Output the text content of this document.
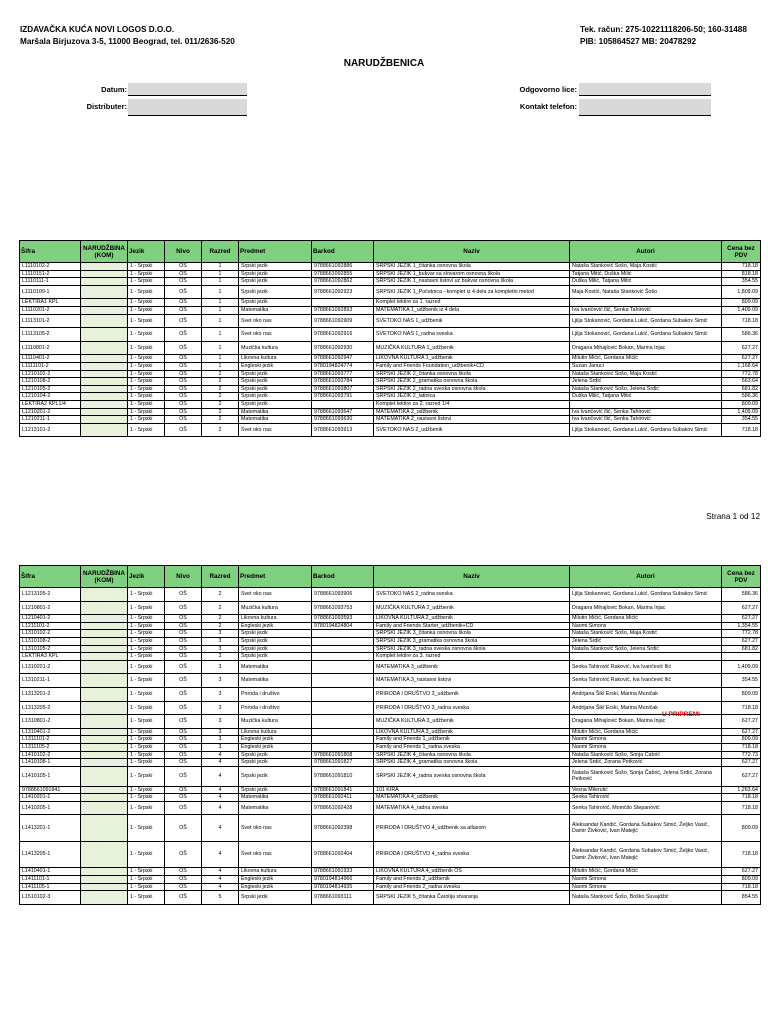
IZDAVAČKA KUĆA NOVI LOGOS D.O.O.
Maršala Birjuzova 3-5, 11000 Beograd, tel. 011/2636-520
Tek. račun: 275-10221118206-50; 160-31488
PIB: 105864527 MB: 20478292
NARUDŽBENICA
Datum:
Distributer:
Odgovorno lice:
Kontakt telefon:
Šifra	NARUDŽBINA (KOM)	Jezik	Nivo	Razred	Predmet	Barkod	Naziv	Autori	Cena bez PDV
L1110102-2		1 - Srpski	OŠ	1	Srpski jezik	9788661092886	SRPSKI JEZIK 1_čitanka osnovna škola	Nataša Stanković Šošo, Maja Kostić	718.18
L1110151-2		1 - Srpski	OŠ	1	Srpski jezik	9788661092855	SRPSKI JEZIK 1_bukvar sa slovarom osnovna škola	Tatjana Mitić, Duška Milić	818.18
L1110111-1		1 - Srpski	OŠ	1	Srpski jezik	9788661092862	SRPSKI JEZIK 1_nastavni listovi uz bukvar osnovna škola	Duška Milić, Tatjana Mitić	354.55
L1110109-1		1 - Srpski	OŠ	1	Srpski jezik	9788661092923	SRPSKI JEZIK 1_Početnica - komplet iz 4 dela za kompletni metod	Maja Kostić, Nataša Stanković Šošo	1,809.09
LEKTIRA1 KPL		1 - Srpski	OŠ	1	Srpski jezik		Komplet lektire za 1. razred		809.09
L1110201-2		1 - Srpski	OŠ	1	Matematika	9788661092893	MATEMATIKA 1_udžbenik iz 4 dela	Iva Ivančević Ilić, Senka Tahirović	1,409.09
L1113101-2		1 - Srpski	OŠ	1	Svet oko nas	9788661092909	SVETOKO NAS 1_udžbenik	Ljilja Stokanović, Gordana Lukić, Gordana Subakov Simić	718.18
L1113105-2		1 - Srpski	OŠ	1	Svet oko nas	9788661092916	SVETOKO NAS 1_radna sveska	Ljilja Stokanović, Gordana Lukić, Gordana Subakov Simić	586.36
L1110801-2		1 - Srpski	OŠ	1	Muzička kultura	9788661092930	MUZIČKA KULTURA 1_udžbenik	Dragana Mihajlović Bokan, Marina Injac	627.27
L1110401-2		1 - Srpski	OŠ	1	Likovna kultura	9788661092947	LIKOVNA KULTURA 1_udžbenik	Milutin Mićić, Gordana Mićić	627.27
L1111101-2		1 - Srpski	OŠ	1	Engleski jezik	9780194824774	Family and Friends Foundation_udžbenik+CD	Suzan Januci	1,168.64
L1210102-2		1 - Srpski	OŠ	2	Srpski jezik	9788661093777	SRPSKI JEZIK 2_čitanka osnovna škola	Nataša Stanković Šošo, Maja Kostić	772.78
L1210108-2		1 - Srpski	OŠ	2	Srpski jezik	9788661093784	SRPSKI JEZIK 2_gramatika osnovna škola	Jelena Srdić	563.64
L1210105-2		1 - Srpski	OŠ	2	Srpski jezik	9788661093807	SRPSKI JEZIK 2_radna sveska osnovna škola	Nataša Stanković Šošo, Jelena Srdić	681.82
L1210104-2		1 - Srpski	OŠ	2	Srpski jezik	9788661093791	SRPSKI JEZIK 2_latinica	Duška Milić, Tatjana Mitić	586.36
LEKTIRA2 KPL1/4		1 - Srpski	OŠ	2	Srpski jezik		Komplet lektire za 2. razred 1/4		809.09
L1210201-2		1 - Srpski	OŠ	2	Matematika	9788661093647	MATEMATIKA 2_udžbenik	Iva Ivančević Ilić, Senka Tahirović	1,409.09
L1210211-1		1 - Srpski	OŠ	2	Matematika	9788661093630	MATEMATIKA 2_nastavni listovi	Iva Ivančević Ilić, Senka Tahirović	354.55
L1213101-2		1 - Srpski	OŠ	2	Svet oko nas	9788661093913	SVETOKO NAS 2_udžbenik	Ljilja Stokanović, Gordana Lukić, Gordana Subakov Simić	718.18
Strana 1 od 12
Šifra	NARUDŽBINA (KOM)	Jezik	Nivo	Razred	Predmet	Barkod	Naziv	Autori	Cena bez PDV
L1213105-2		1 - Srpski	OŠ	2	Svet oko nas	9788661093906	SVETOKO NAS 2_radna sveska	Ljilja Stokanović, Gordana Lukić, Gordana Subakov Simić	586.36
L1210801-2		1 - Srpski	OŠ	2	Muzička kultura	9788661093753	MUZIČKA KULTURA 2_udžbenik	Dragana Mihajlović Bokan, Marina Injac	627.27
L1210401-2		1 - Srpski	OŠ	2	Likovna kultura	9788661093593	LIKOVNA KULTURA 2_udžbenik	Milutin Mićić, Gordana Mićić	627.27
L1211101-2		1 - Srpski	OŠ	2	Engleski jezik	9780194824804	Family and Friends Starter_udžbenik+CD	Naomi Simons	1,354.55
L1310102-2		1 - Srpski	OŠ	3	Srpski jezik		SRPSKI JEZIK 3_čitanka osnovna škola	Nataša Stanković Šošo, Maja Kostić	772.78
L1310108-2		1 - Srpski	OŠ	3	Srpski jezik		SRPSKI JEZIK 3_gramatika osnovna škola	Jelena Srdić	627.27
L1310105-2		1 - Srpski	OŠ	3	Srpski jezik		SRPSKI JEZIK 3_radna sveska osnovna škola	Nataša Stanković Šošo, Jelena Srdić	681.82
LEKTIRA3 KPL		1 - Srpski	OŠ	3	Srpski jezik		Komplet lektire za 3. razred		
L1310201-2		1 - Srpski	OŠ	3	Matematika		MATEMATIKA 3_udžbenik	Senka Tahirović Raković, Iva Ivančević Ilić	1,409.09
L1310211-1		1 - Srpski	OŠ	3	Matematika		MATEMATIKA 3_nastavni listovi	Senka Tahirović Raković, Iva Ivančević Ilić	354.55
L1313201-2		1 - Srpski	OŠ	3	Priroda i društvo		PRIRODA I DRUŠTVO 3_udžbenik	Andrijana Šikl Erski, Marina Muničak	809.09
L1313205-2		1 - Srpski	OŠ	3	Priroda i društvo		PRIRODA I DRUŠTVO 3_radna sveska	Andrijana Šikl Erski, Marina Muničak	718.18
L1310801-2		1 - Srpski	OŠ	3	Muzička kultura		MUZIČKA KULTURA 3_udžbenik	Dragana Mihajlović Bokan, Marina Injac	627.27
L1310401-2		1 - Srpski	OŠ	3	Likovna kultura		LIKOVNA KULTURA 3_udžbenik	Milutin Mićić, Gordana Mićić	627.27
L1311101-2		1 - Srpski	OŠ	3	Engleski jezik		Family and Friends 1_udžbenik	Naomi Simons	809.09
L1311105-2		1 - Srpski	OŠ	3	Engleski jezik		Family and Friends 1_radna sveska	Naomi Simons	718.18
L1410102-2		1 - Srpski	OŠ	4	Srpski jezik	9788661091808	SRPSKI JEZIK 4_čitanka osnovna škola	Nataša Stanković Šošo, Sonja Čabrić	772.73
L1410108-1		1 - Srpski	OŠ	4	Srpski jezik	9788661091827	SRPSKI JEZIK 4_gramatika osnovna škola	Jelena Srdić, Zorana Petković	627.27
L1410105-1		1 - Srpski	OŠ	4	Srpski jezik	9788661091810	SRPSKI JEZIK 4_radna sveska osnovna škola	Nataša Stanković Šošo, Sonja Čabrić, Jelena Srdić, Zorana Petković	627.27
9788661091841		1 - Srpski	OŠ	4	Srpski jezik	9788661091841	101 KIRA	Vesna Milerutić	1,263.64
L1410201-1		1 - Srpski	OŠ	4	Matematika	9788661092411	MATEMATIKA 4_udžbenik	Senka Tahirović	718.18
L1410205-1		1 - Srpski	OŠ	4	Matematika	9788661092428	MATEMATIKA 4_radna sveska	Senka Tahirović, Momčilo Stepanović	718.18
L1413201-1		1 - Srpski	OŠ	4	Svet oko nas	9788661092398	PRIRODA I DRUŠTVO 4_udžbenik sa atlasom	Aleksandar Kandić, Gordana Subakov Simić, Željko Vasić, Damir Živković, Ivan Matejić	809.09
L1413205-1		1 - Srpski	OŠ	4	Svet oko nas	9788661092404	PRIRODA I DRUŠTVO 4_radna sveska	Aleksandar Kandić, Gordana Subakov Simić, Željko Vasić, Damir Živković, Ivan Matejić	718.18
L1410401-1		1 - Srpski	OŠ	4	Likovna kultura	9788661091933	LIKOVNA KULTURA 4_udžbenik OŠ	Milutin Mićić, Gordana Mićić	627.27
L1411101-1		1 - Srpski	OŠ	4	Engleski jezik	9780194814966	Family and Friends 2_udžbenik	Naomi Simons	809.09
L1411105-1		1 - Srpski	OŠ	4	Engleski jezik	9780194814935	Family and Friends 2_radna sveska	Naomi Simons	718.18
L1510102-3		1 - Srpski	OŠ	5	Srpski jezik	9788661093111	SRPSKI JEZIK 5_čitanka Čarolija stvaranja	Nataša Stanković Šošo, Boško Suvajdžić	854.55
U PRIPREMI
